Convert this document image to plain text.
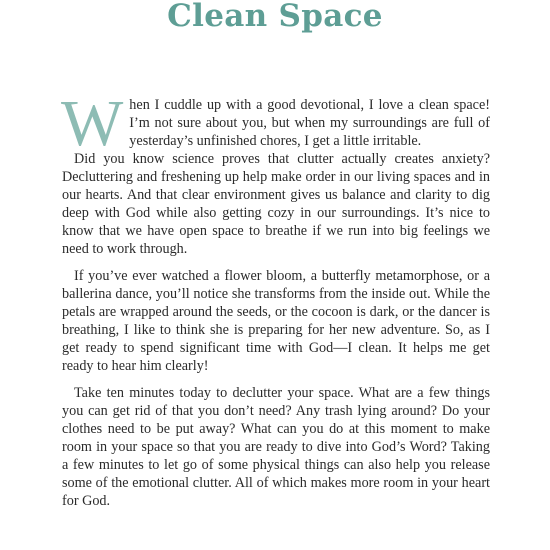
Clean Space

When I cuddle up with a good devotional, I love a clean space! I’m not sure about you, but when my surroundings are full of yesterday’s unfinished chores, I get a little irritable.

Did you know science proves that clutter actually creates anxiety? Decluttering and freshening up help make order in our living spaces and in our hearts. And that clear environment gives us balance and clarity to dig deep with God while also getting cozy in our surroundings. It’s nice to know that we have open space to breathe if we run into big feelings we need to work through.

If you’ve ever watched a flower bloom, a butterfly metamorphose, or a ballerina dance, you’ll notice she transforms from the inside out. While the petals are wrapped around the seeds, or the cocoon is dark, or the dancer is breathing, I like to think she is preparing for her new adventure. So, as I get ready to spend significant time with God—I clean. It helps me get ready to hear him clearly!

Take ten minutes today to declutter your space. What are a few things you can get rid of that you don’t need? Any trash lying around? Do your clothes need to be put away? What can you do at this moment to make room in your space so that you are ready to dive into God’s Word? Taking a few minutes to let go of some physical things can also help you release some of the emotional clutter. All of which makes more room in your heart for God.
